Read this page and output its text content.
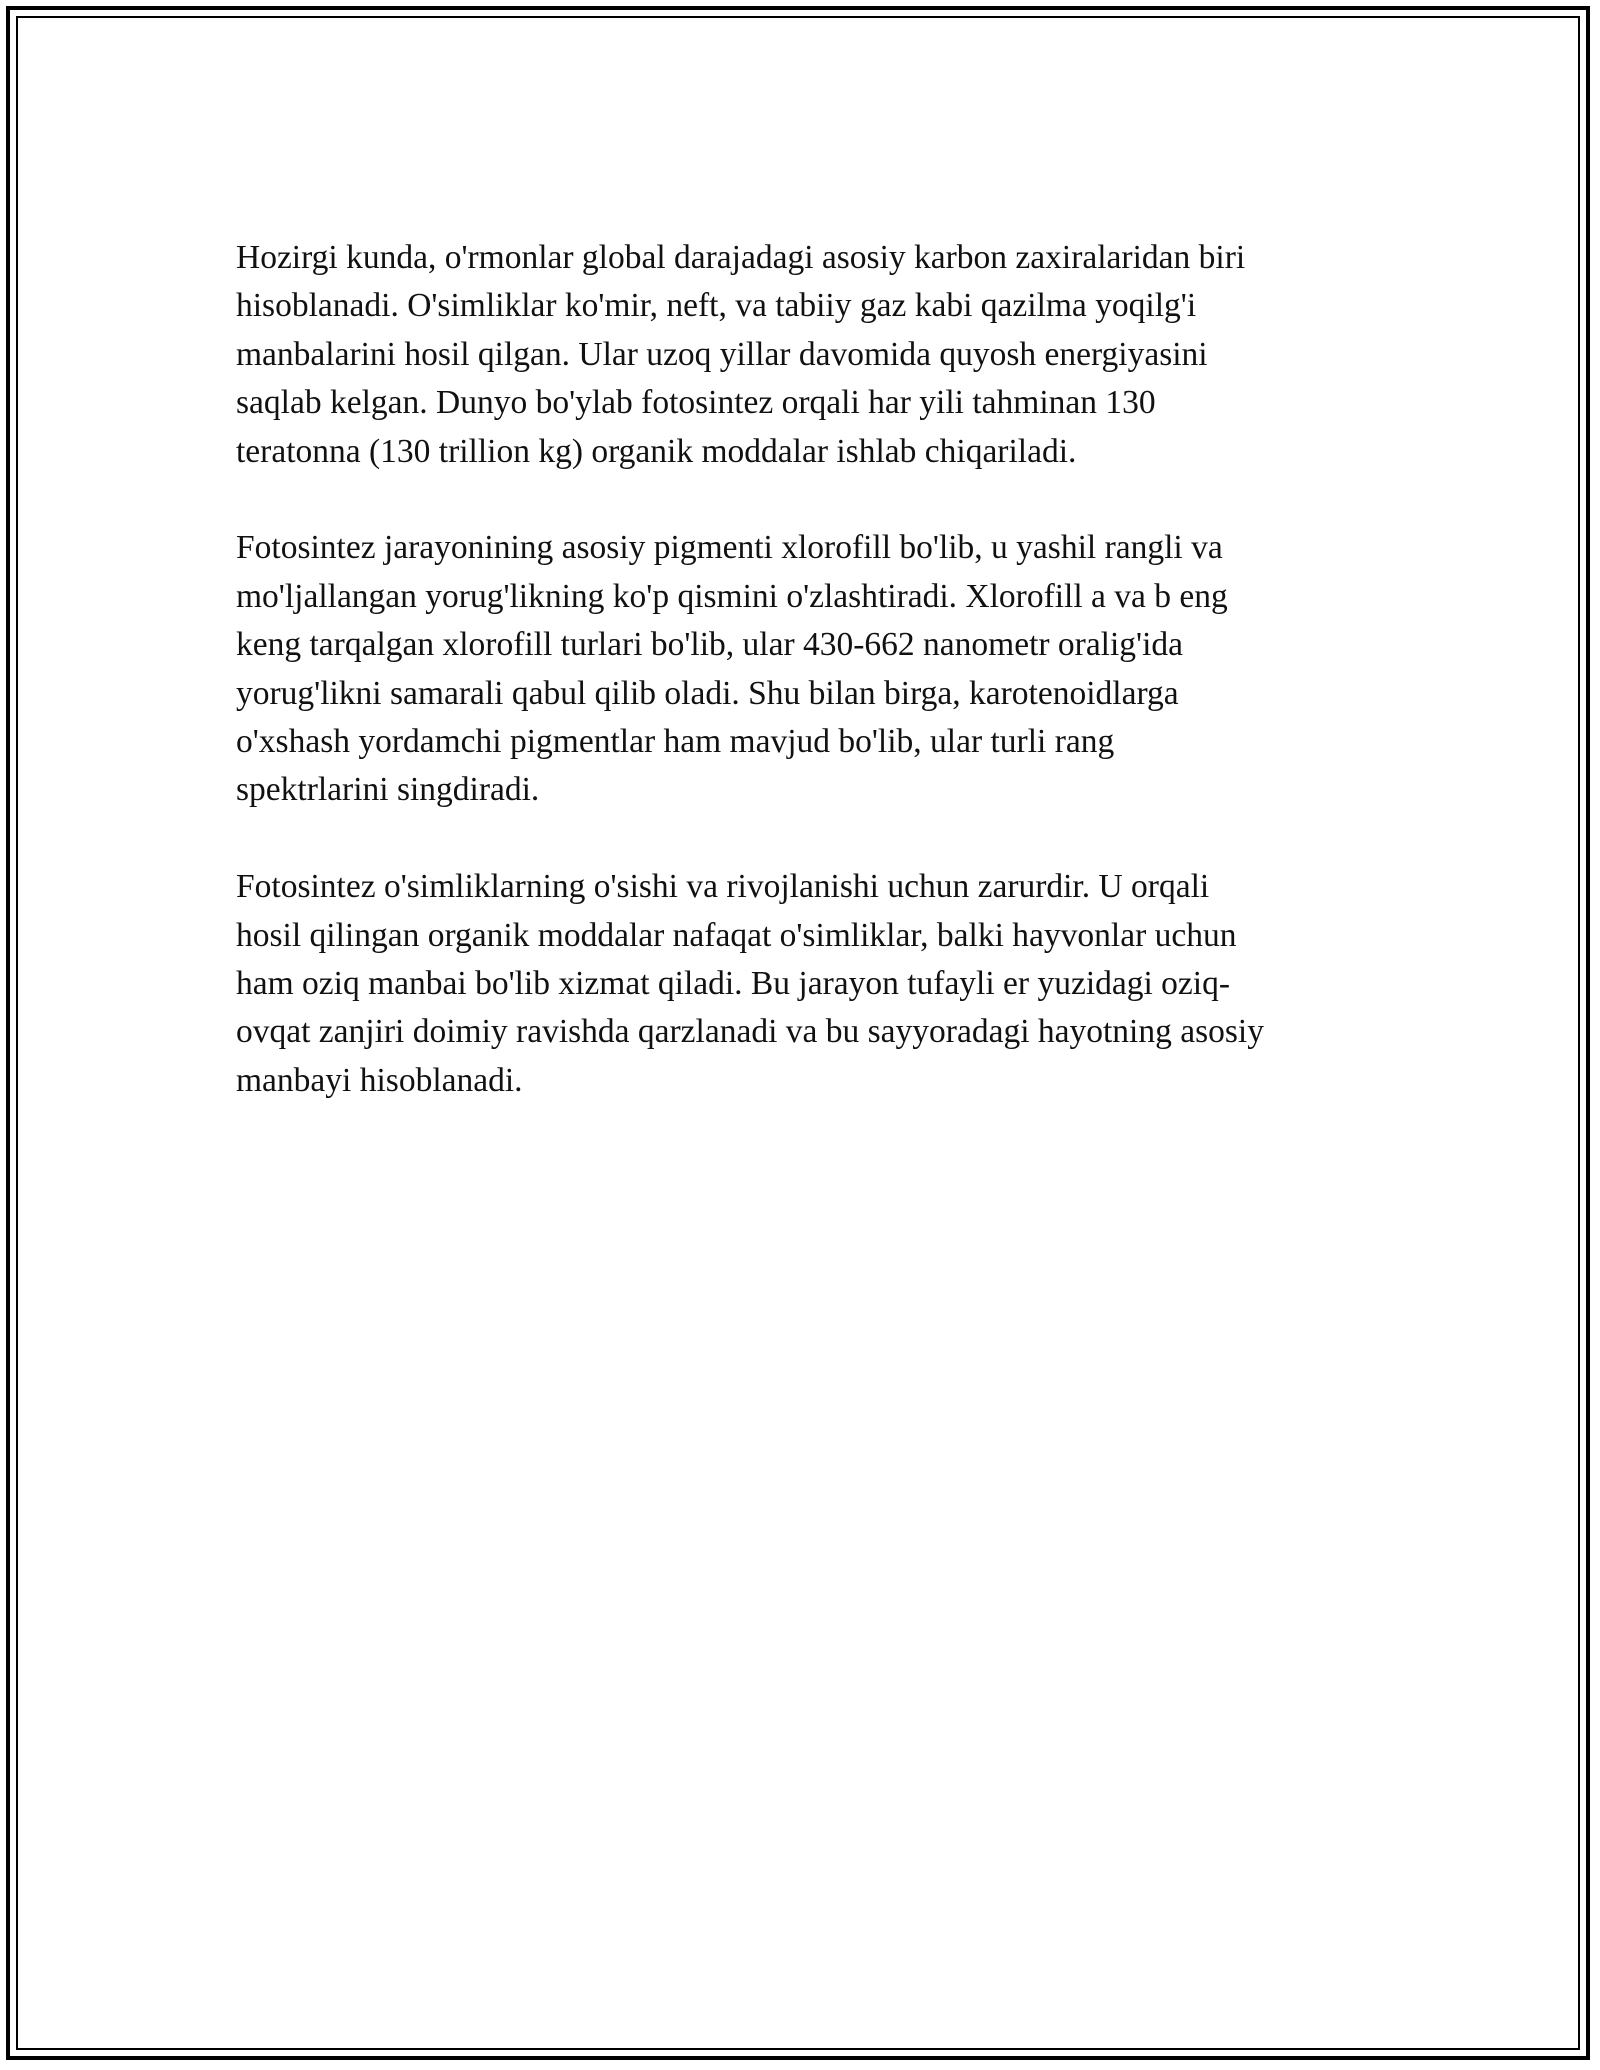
Hozirgi kunda, o'rmonlar global darajadagi asosiy karbon zaxiralaridan biri
hisoblanadi. O'simliklar ko'mir, neft, va tabiiy gaz kabi qazilma yoqilg'i
manbalarini hosil qilgan. Ular uzoq yillar davomida quyosh energiyasini
saqlab kelgan. Dunyo bo'ylab fotosintez orqali har yili tahminan 130
teratonna (130 trillion kg) organik moddalar ishlab chiqariladi.

Fotosintez jarayonining asosiy pigmenti xlorofill bo'lib, u yashil rangli va
mo'ljallangan yorug'likning ko'p qismini o'zlashtiradi. Xlorofill a va b eng
keng tarqalgan xlorofill turlari bo'lib, ular 430-662 nanometr oralig'ida
yorug'likni samarali qabul qilib oladi. Shu bilan birga, karotenoidlarga
o'xshash yordamchi pigmentlar ham mavjud bo'lib, ular turli rang
spektrlarini singdiradi.

Fotosintez o'simliklarning o'sishi va rivojlanishi uchun zarurdir. U orqali
hosil qilingan organik moddalar nafaqat o'simliklar, balki hayvonlar uchun
ham oziq manbai bo'lib xizmat qiladi. Bu jarayon tufayli er yuzidagi oziq-
ovqat zanjiri doimiy ravishda qarzlanadi va bu sayyoradagi hayotning asosiy
manbayi hisoblanadi.
